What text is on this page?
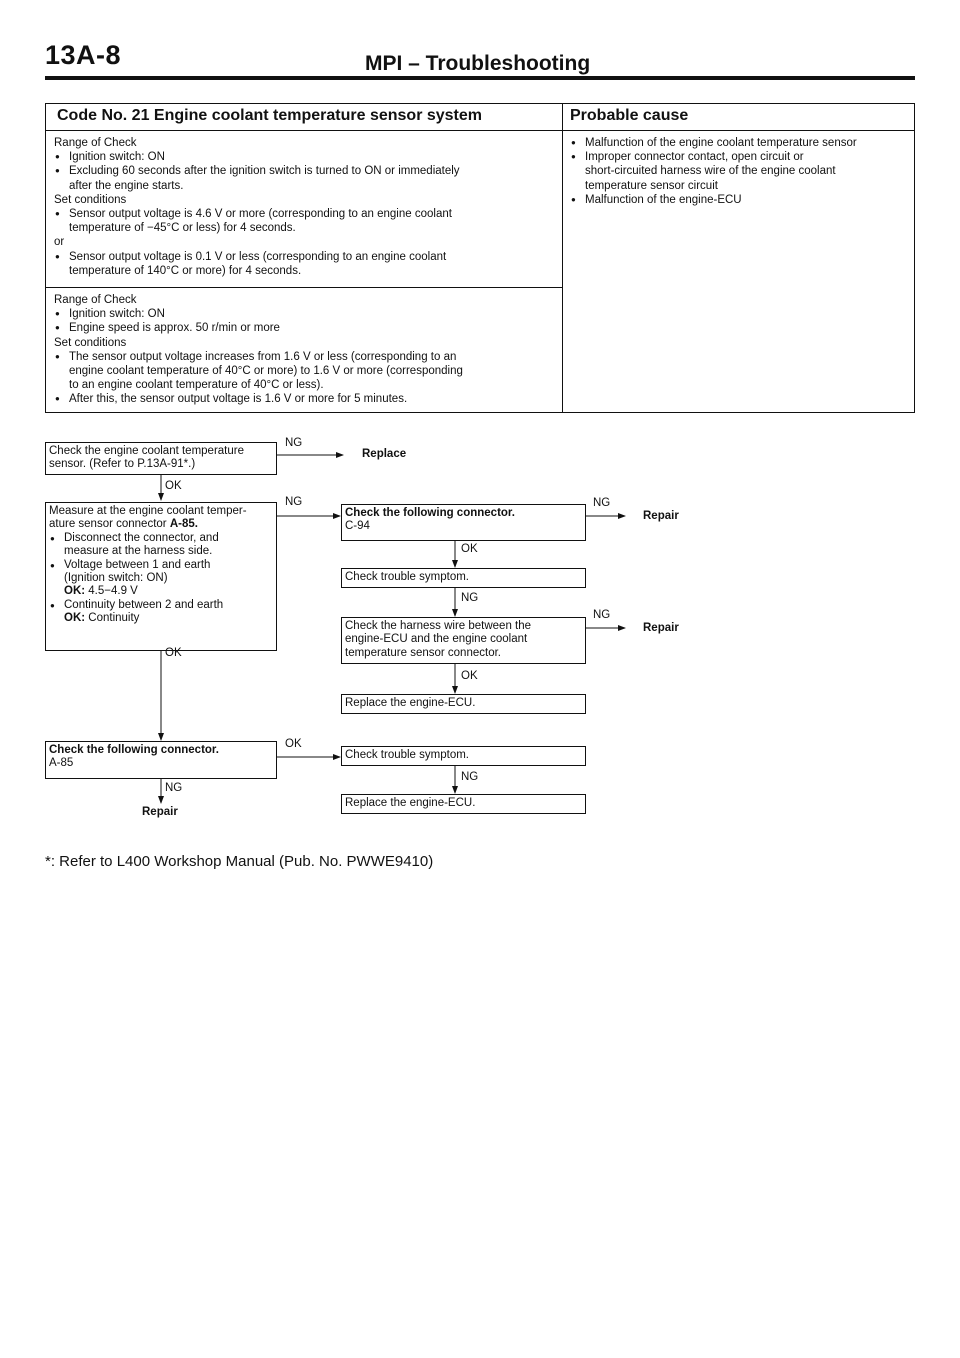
13A-8	MPI – Troubleshooting
Code No. 21 Engine coolant temperature sensor system	Probable cause
Range of Check
● Ignition switch: ON
● Excluding 60 seconds after the ignition switch is turned to ON or immediately
after the engine starts.
Set conditions
● Sensor output voltage is 4.6 V or more (corresponding to an engine coolant
temperature of −45°C or less) for 4 seconds.
or
● Sensor output voltage is 0.1 V or less (corresponding to an engine coolant
temperature of 140°C or more) for 4 seconds.
Range of Check
● Ignition switch: ON
● Engine speed is approx. 50 r/min or more
Set conditions
● The sensor output voltage increases from 1.6 V or less (corresponding to an
engine coolant temperature of 40°C or more) to 1.6 V or more (corresponding
to an engine coolant temperature of 40°C or less).
● After this, the sensor output voltage is 1.6 V or more for 5 minutes.
● Malfunction of the engine coolant temperature sensor
● Improper connector contact, open circuit or
short-circuited harness wire of the engine coolant
temperature sensor circuit
● Malfunction of the engine-ECU
Check the engine coolant temperature
sensor. (Refer to P.13A-91*.)
Measure at the engine coolant temper-
ature sensor connector A-85.
● Disconnect the connector, and
measure at the harness side.
● Voltage between 1 and earth
(Ignition switch: ON)
OK: 4.5−4.9 V
● Continuity between 2 and earth
OK: Continuity
Check the following connector.
C-94
Check trouble symptom.
Check the harness wire between the
engine-ECU and the engine coolant
temperature sensor connector.
Replace the engine-ECU.
Check the following connector.
A-85
Check trouble symptom.
Replace the engine-ECU.
NG
OK
NG	NG
OK
NG
NG
OK
OK
OK
NG
NG
Replace
Repair
Repair
Repair
*: Refer to L400 Workshop Manual (Pub. No. PWWE9410)
